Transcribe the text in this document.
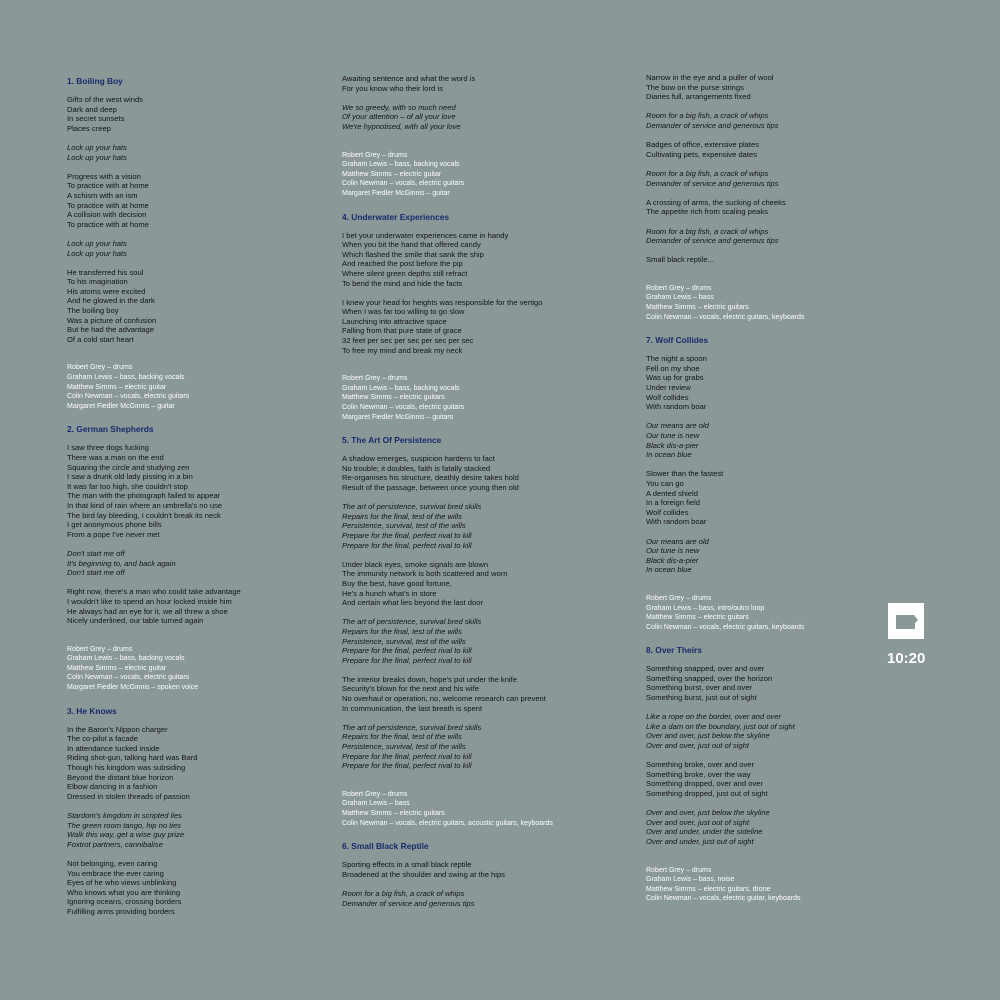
1. Boiling Boy

Gifts of the west winds

Dark and deep

In secret sunsets

Places creep

Lock up your hats

Lock up your hats

Progress with a vision

To practice with at home

A schism with an ism

To practice with at home

A collision with decision

To practice with at home

Lock up your hats

Lock up your hats

He transferred his soul

To his imagination

His atoms were excited

And he glowed in the dark

The boiling boy

Was a picture of confusion

But he had the advantage

Of a cold start heart

Robert Grey – drums

Graham Lewis – bass, backing vocals

Matthew Simms – electric guitar

Colin Newman – vocals, electric guitars

Margaret Fiedler McGinnis – guitar

2. German Shepherds

I saw three dogs fucking

There was a man on the end

Squaring the circle and studying zen

I saw a drunk old lady pissing in a bin

It was far too high, she couldn't stop

The man with the photograph failed to appear

In that kind of rain where an umbrella's no use

The bird lay bleeding, I couldn't break its neck

I get anonymous phone bills

From a pope I've never met

Don't start me off

It's beginning to, and back again

Don't start me off

Right now, there's a man who could take advantage

I wouldn't like to spend an hour locked inside him

He always had an eye for it, we all threw a shoe

Nicely underlined, our table turned again

Robert Grey – drums

Graham Lewis – bass, backing vocals

Matthew Simms – electric guitar

Colin Newman – vocals, electric guitars

Margaret Fiedler McGinnis – spoken voice

3. He Knows

In the Baron's Nippon charger

The co-pilot a facade

In attendance tucked inside

Riding shot-gun, talking hard was Bard

Though his kingdom was subsiding

Beyond the distant blue horizon

Elbow dancing in a fashion

Dressed in stolen threads of passion

Stardom's kingdom in scripted lies

The green room tango, hip no ties

Walk this way, get a wise guy prize

Foxtrot partners, cannibalise

Not belonging, even caring

You embrace the ever caring

Eyes of he who views unblinking

Who knows what you are thinking

Ignoring oceans, crossing borders

Fulfilling arms providing borders

Awaiting sentence and what the word is

For you know who their lord is

We so greedy, with so much need

Of your attention – of all your love

We're hypnotised, with all your love

Robert Grey – drums

Graham Lewis – bass, backing vocals

Matthew Simms – electric guitar

Colin Newman – vocals, electric guitars

Margaret Fiedler McGinnis – guitar

4. Underwater Experiences

I bet your underwater experiences came in handy

When you bit the hand that offered candy

Which flashed the smile that sank the ship

And reached the post before the pip

Where silent green depths still refract

To bend the mind and hide the facts

I knew your head for heights was responsible for the vertigo

When I was far too willing to go slow

Launching into attractive space

Falling from that pure state of grace

32 feet per sec per sec per sec per sec

To free my mind and break my neck

Robert Grey – drums

Graham Lewis – bass, backing vocals

Matthew Simms – electric guitars

Colin Newman – vocals, electric guitars

Margaret Fiedler McGinnis – guitars

5. The Art Of Persistence

A shadow emerges, suspicion hardens to fact

No trouble; it doubles, faith is fatally stacked

Re-organises his structure, deathly desire takes hold

Result of the passage, between once young then old

The art of persistence, survival bred skills

Repairs for the final, test of the wills

Persistence, survival, test of the wills

Prepare for the final, perfect rival to kill

Prepare for the final, perfect rival to kill

Under black eyes, smoke signals are blown

The immunity network is both scattered and worn

Buy the best, have good fortune,

He's a hunch what's in store

And certain what lies beyond the last door

The art of persistence, survival bred skills

Repairs for the final, test of the wills

Persistence, survival, test of the wills

Prepare for the final, perfect rival to kill

Prepare for the final, perfect rival to kill

The interior breaks down, hope's put under the knife

Security's blown for the next and his wife

No overhaul or operation, no, welcome research can prevent

In communication, the last breath is spent

The art of persistence, survival bred skills

Repairs for the final, test of the wills

Persistence, survival, test of the wills

Prepare for the final, perfect rival to kill

Prepare for the final, perfect rival to kill

Robert Grey – drums

Graham Lewis – bass

Matthew Simms – electric guitars

Colin Newman – vocals, electric guitars, acoustic guitars, keyboards

6. Small Black Reptile

Sporting effects in a small black reptile

Broadened at the shoulder and swing at the hips

Room for a big fish, a crack of whips

Demander of service and generous tips

Narrow in the eye and a puller of wool

The bow on the purse strings

Diaries full, arrangements fixed

Room for a big fish, a crack of whips

Demander of service and generous tips

Badges of office, extensive plates

Cultivating pets, expensive dates

Room for a big fish, a crack of whips

Demander of service and generous tips

A crossing of arms, the sucking of cheeks

The appetite rich from scaling peaks

Room for a big fish, a crack of whips

Demander of service and generous tips

Small black reptile...

Robert Grey – drums

Graham Lewis – bass

Matthew Simms – electric guitars

Colin Newman – vocals, electric guitars, keyboards

7. Wolf Collides

The night a spoon

Fell on my shoe

Was up for grabs

Under review

Wolf collides

With random boar

Our means are old

Our tune is new

Black dis-a-pier

In ocean blue

Slower than the fastest

You can go

A dented shield

In a foreign field

Wolf collides

With random boar

Our means are old

Our tune is new

Black dis-a-pier

In ocean blue

Robert Grey – drums

Graham Lewis – bass, intro/outro loop

Matthew Simms – electric guitars

Colin Newman – vocals, electric guitars, keyboards

8. Over Theirs

Something snapped, over and over

Something snapped, over the horizon

Something burst, over and over

Something burst, just out of sight

Like a rope on the border, over and over

Like a dam on the boundary, just out of sight

Over and over, just below the skyline

Over and over, just out of sight

Something broke, over and over

Something broke, over the way

Something dropped, over and over

Something dropped, just out of sight

Over and over, just below the skyline

Over and over, just out of sight

Over and under, under the sideline

Over and under, just out of sight

Robert Grey – drums

Graham Lewis – bass, noise

Matthew Simms – electric guitars, drone

Colin Newman – vocals, electric guitar, keyboards

10:20
